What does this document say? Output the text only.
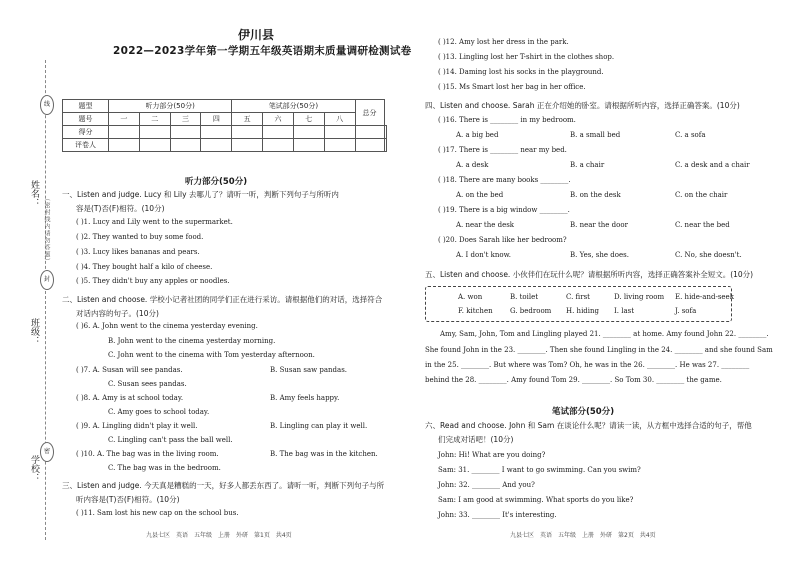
姓名：
班级：
学校：
线
封
密
（密封线内请勿答题）
伊川县
2022—2023学年第一学期五年级英语期末质量调研检测试卷
题型	听力部分(50分)				笔试部分(50分)				总分	
题号	一	二	三	四	五	六	七	八		
得分										
评卷人										
听力部分(50分)
一、Listen and judge. Lucy 和 Lily 去哪儿了？请听一听，判断下列句子与所听内
容是(T)否(F)相符。(10分)
( )1. Lucy and Lily went to the supermarket.
( )2. They wanted to buy some food.
( )3. Lucy likes bananas and pears.
( )4. They bought half a kilo of cheese.
( )5. They didn't buy any apples or noodles.
二、Listen and choose. 学校小记者社团的同学们正在进行采访。请根据他们的对话，选择符合
对话内容的句子。(10分)
( )6. A. John went to the cinema yesterday evening.
B. John went to the cinema yesterday morning.
C. John went to the cinema with Tom yesterday afternoon.
( )7. A. Susan will see pandas.	B. Susan saw pandas.
C. Susan sees pandas.
( )8. A. Amy is at school today.	B. Amy feels happy.
C. Amy goes to school today.
( )9. A. Lingling didn't play it well.	B. Lingling can play it well.
C. Lingling can't pass the ball well.
( )10. A. The bag was in the living room.	B. The bag was in the kitchen.
C. The bag was in the bedroom.
三、Listen and judge. 今天真是糟糕的一天，好多人都丢东西了。请听一听，判断下列句子与所
听内容是(T)否(F)相符。(10分)
( )11. Sam lost his new cap on the school bus.
九县七区　英语　五年级　上册　外研　第1页　共4页
( )12. Amy lost her dress in the park.
( )13. Lingling lost her T-shirt in the clothes shop.
( )14. Daming lost his socks in the playground.
( )15. Ms Smart lost her bag in her office.
四、Listen and choose. Sarah 正在介绍她的卧室。请根据所听内容，选择正确答案。(10分)
( )16. There is ________ in my bedroom.
A. a big bed	B. a small bed	C. a sofa
( )17. There is ________ near my bed.
A. a desk	B. a chair	C. a desk and a chair
( )18. There are many books ________.
A. on the bed	B. on the desk	C. on the chair
( )19. There is a big window ________.
A. near the desk	B. near the door	C. near the bed
( )20. Does Sarah like her bedroom?
A. I don't know.	B. Yes, she does.	C. No, she doesn't.
五、Listen and choose. 小伙伴们在玩什么呢？请根据所听内容，选择正确答案补全短文。(10分)
A. won	B. toilet	C. first	D. living room E. hide-and-seek
F. kitchen G. bedroom H. hiding I. last	J. sofa
Amy, Sam, John, Tom and Lingling played 21. ________ at home. Amy found John 22. ________.
She found John in the 23. ________. Then she found Lingling in the 24. ________ and she found Sam
in the 25. ________. But where was Tom? Oh, he was in the 26. ________. He was 27. ________
behind the 28. ________. Amy found Tom 29. ________. So Tom 30. ________ the game.
笔试部分(50分)
六、Read and choose. John 和 Sam 在谈论什么呢？请读一读，从方框中选择合适的句子，帮他
们完成对话吧！(10分)
John: Hi! What are you doing?
Sam: 31. ________ I want to go swimming. Can you swim?
John: 32. ________ And you?
Sam: I am good at swimming. What sports do you like?
John: 33. ________ It's interesting.
九县七区　英语　五年级　上册　外研　第2页　共4页
